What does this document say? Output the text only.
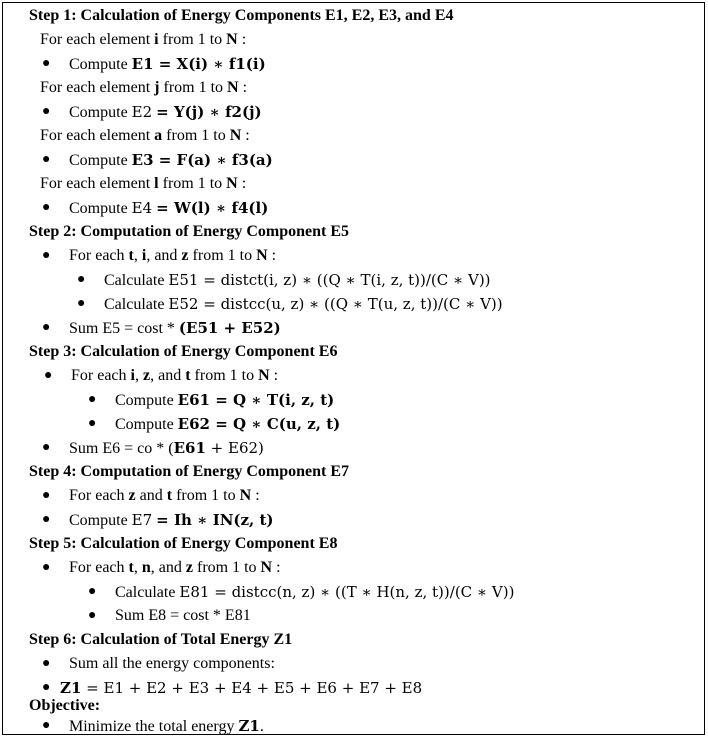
Step 1: Calculation of Energy Components E1, E2, E3, and E4
For each element i from 1 to N :
● Compute E1 = X(i) ∗ f1(i)
For each element j from 1 to N :
● Compute E2 = Y(j) ∗ f2(j)
For each element a from 1 to N :
● Compute E3 = F(a) ∗ f3(a)
For each element l from 1 to N :
● Compute E4 = W(l) ∗ f4(l)
Step 2: Computation of Energy Component E5
● For each t, i, and z from 1 to N :
● Calculate E51 = distct(i, z) ∗ ((Q ∗ T(i, z, t))/(C ∗ V))
● Calculate E52 = distcc(u, z) ∗ ((Q ∗ T(u, z, t))/(C ∗ V))
● Sum E5 = cost * (E51 + E52)
Step 3: Calculation of Energy Component E6
● For each i, z, and t from 1 to N :
● Compute E61 = Q ∗ T(i, z, t)
● Compute E62 = Q ∗ C(u, z, t)
● Sum E6 = co * (E61 + E62)
Step 4: Computation of Energy Component E7
● For each z and t from 1 to N :
● Compute E7 = Ih ∗ IN(z, t)
Step 5: Calculation of Energy Component E8
● For each t, n, and z from 1 to N :
● Calculate E81 = distcc(n, z) ∗ ((T ∗ H(n, z, t))/(C ∗ V))
● Sum E8 = cost * E81
Step 6: Calculation of Total Energy Z1
● Sum all the energy components:
● Z1 = E1 + E2 + E3 + E4 + E5 + E6 + E7 + E8
Objective:
● Minimize the total energy Z1.
